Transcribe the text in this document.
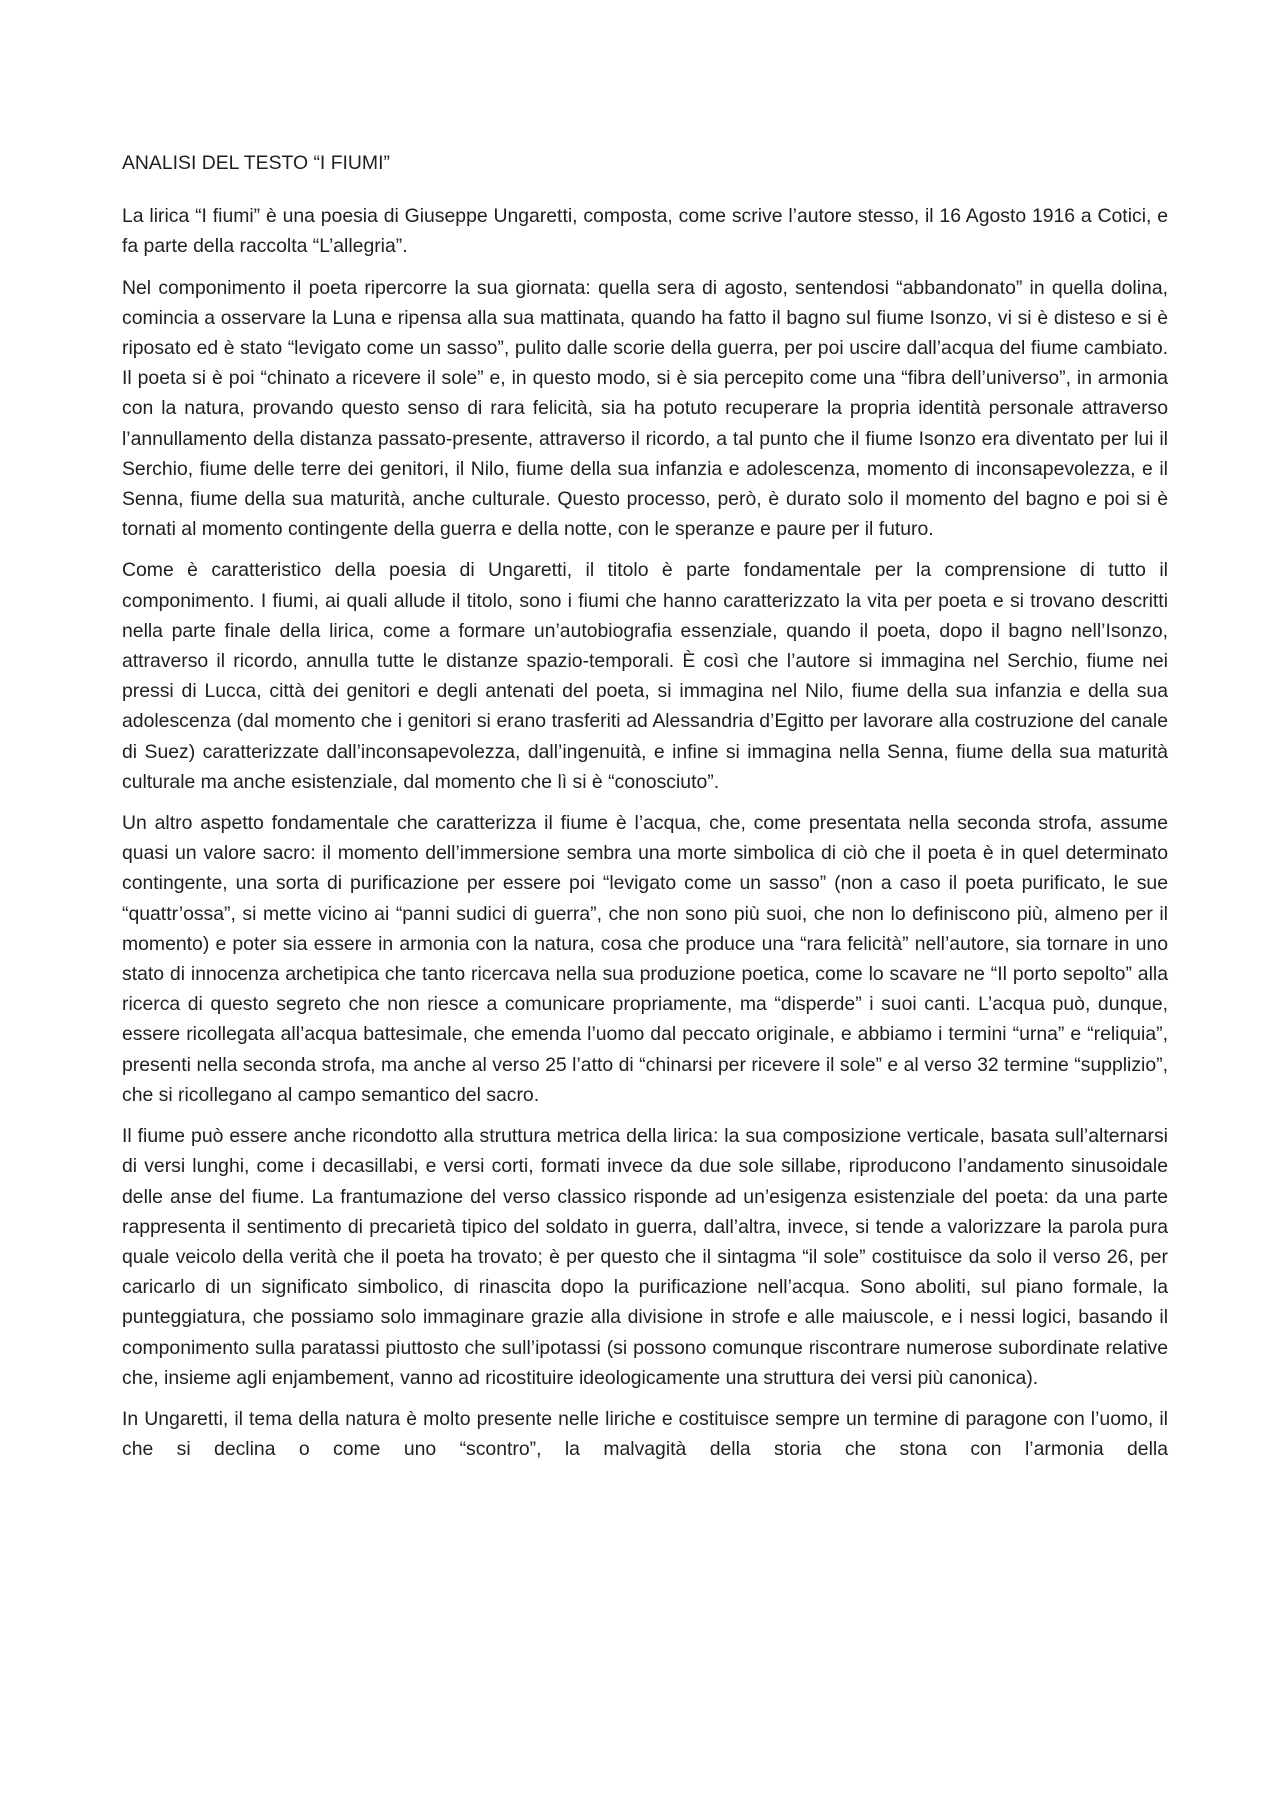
ANALISI DEL TESTO “I FIUMI”

La lirica “I fiumi” è una poesia di Giuseppe Ungaretti, composta, come scrive l’autore stesso, il 16 Agosto 1916 a Cotici, e fa parte della raccolta “L’allegria”.

Nel componimento il poeta ripercorre la sua giornata: quella sera di agosto, sentendosi “abbandonato” in quella dolina, comincia a osservare la Luna e ripensa alla sua mattinata, quando ha fatto il bagno sul fiume Isonzo, vi si è disteso e si è riposato ed è stato “levigato come un sasso”, pulito dalle scorie della guerra, per poi uscire dall’acqua del fiume cambiato. Il poeta si è poi “chinato a ricevere il sole” e, in questo modo, si è sia percepito come una “fibra dell’universo”, in armonia con la natura, provando questo senso di rara felicità, sia ha potuto recuperare la propria identità personale attraverso l’annullamento della distanza passato-presente, attraverso il ricordo, a tal punto che il fiume Isonzo era diventato per lui il Serchio, fiume delle terre dei genitori, il Nilo, fiume della sua infanzia e adolescenza, momento di inconsapevolezza, e il Senna, fiume della sua maturità, anche culturale. Questo processo, però, è durato solo il momento del bagno e poi si è tornati al momento contingente della guerra e della notte, con le speranze e paure per il futuro.

Come è caratteristico della poesia di Ungaretti, il titolo è parte fondamentale per la comprensione di tutto il componimento. I fiumi, ai quali allude il titolo, sono i fiumi che hanno caratterizzato la vita per poeta e si trovano descritti nella parte finale della lirica, come a formare un’autobiografia essenziale, quando il poeta, dopo il bagno nell’Isonzo, attraverso il ricordo, annulla tutte le distanze spazio-temporali. È così che l’autore si immagina nel Serchio, fiume nei pressi di Lucca, città dei genitori e degli antenati del poeta, si immagina nel Nilo, fiume della sua infanzia e della sua adolescenza (dal momento che i genitori si erano trasferiti ad Alessandria d’Egitto per lavorare alla costruzione del canale di Suez) caratterizzate dall’inconsapevolezza, dall’ingenuità, e infine si immagina nella Senna, fiume della sua maturità culturale ma anche esistenziale, dal momento che lì si è “conosciuto”.

Un altro aspetto fondamentale che caratterizza il fiume è l’acqua, che, come presentata nella seconda strofa, assume quasi un valore sacro: il momento dell’immersione sembra una morte simbolica di ciò che il poeta è in quel determinato contingente, una sorta di purificazione per essere poi “levigato come un sasso” (non a caso il poeta purificato, le sue “quattr’ossa”, si mette vicino ai “panni sudici di guerra”, che non sono più suoi, che non lo definiscono più, almeno per il momento) e poter sia essere in armonia con la natura, cosa che produce una “rara felicità” nell’autore, sia tornare in uno stato di innocenza archetipica che tanto ricercava nella sua produzione poetica, come lo scavare ne “Il porto sepolto” alla ricerca di questo segreto che non riesce a comunicare propriamente, ma “disperde” i suoi canti. L’acqua può, dunque, essere ricollegata all’acqua battesimale, che emenda l’uomo dal peccato originale, e abbiamo i termini “urna” e “reliquia”, presenti nella seconda strofa, ma anche al verso 25 l’atto di “chinarsi per ricevere il sole” e al verso 32 termine “supplizio”, che si ricollegano al campo semantico del sacro.

Il fiume può essere anche ricondotto alla struttura metrica della lirica: la sua composizione verticale, basata sull’alternarsi di versi lunghi, come i decasillabi, e versi corti, formati invece da due sole sillabe, riproducono l’andamento sinusoidale delle anse del fiume. La frantumazione del verso classico risponde ad un’esigenza esistenziale del poeta: da una parte rappresenta il sentimento di precarietà tipico del soldato in guerra, dall’altra, invece, si tende a valorizzare la parola pura quale veicolo della verità che il poeta ha trovato; è per questo che il sintagma “il sole” costituisce da solo il verso 26, per caricarlo di un significato simbolico, di rinascita dopo la purificazione nell’acqua. Sono aboliti, sul piano formale, la punteggiatura, che possiamo solo immaginare grazie alla divisione in strofe e alle maiuscole, e i nessi logici, basando il componimento sulla paratassi piuttosto che sull’ipotassi (si possono comunque riscontrare numerose subordinate relative che, insieme agli enjambement, vanno ad ricostituire ideologicamente una struttura dei versi più canonica).

In Ungaretti, il tema della natura è molto presente nelle liriche e costituisce sempre un termine di paragone con l’uomo, il che si declina o come uno “scontro”, la malvagità della storia che stona con l’armonia della
